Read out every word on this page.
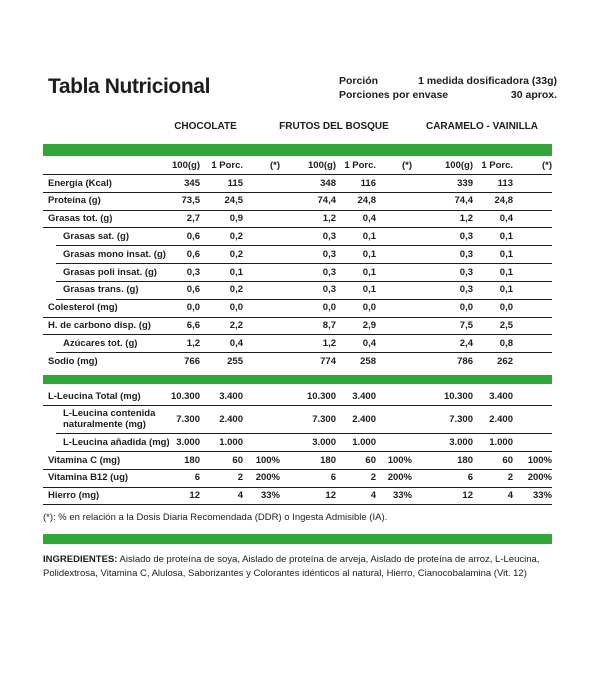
Tabla Nutricional	Porción	1 medida dosificadora (33g)
Porciones por envase	30 aprox.
CHOCOLATE	FRUTOS DEL BOSQUE	CARAMELO - VAINILLA
100(g)	1 Porc.	(*)	100(g) 1 Porc.	(*)	100(g) 1 Porc.	(*)
Energía (Kcal)	345	115	348	116	339	113
Proteína (g)	73,5	24,5	74,4	24,8	74,4	24,8
Grasas tot. (g)	2,7	0,9	1,2	0,4	1,2	0,4
Grasas sat. (g)	0,6	0,2	0,3	0,1	0,3	0,1
Grasas mono insat. (g)	0,6	0,2	0,3	0,1	0,3	0,1
Grasas poli insat. (g)	0,3	0,1	0,3	0,1	0,3	0,1
Grasas trans. (g)	0,6	0,2	0,3	0,1	0,3	0,1
Colesterol (mg)	0,0	0,0	0,0	0,0	0,0	0,0
H. de carbono disp. (g)	6,6	2,2	8,7	2,9	7,5	2,5
Azúcares tot. (g)	1,2	0,4	1,2	0,4	2,4	0,8
Sodio (mg)	766	255	774	258	786	262
L-Leucina Total (mg)	10.300	3.400	10.300	3.400	10.300	3.400
L-Leucina contenida naturalmente (mg)	7.300	2.400	7.300	2.400	7.300	2.400
L-Leucina añadida (mg) 3.000	1.000	3.000	1.000	3.000	1.000
Vitamina C (mg)	180	60	100%	180	60	100%	180	60	100%
Vitamina B12 (ug)	6	2	200%	6	2	200%	6	2	200%
Hierro (mg)	12	4	33%	12	4	33%	12	4	33%

(*): % en relación a la Dosis Diaria Recomendada (DDR) o Ingesta Admisible (IA).

INGREDIENTES: Aislado de proteína de soya, Aislado de proteína de arveja, Aislado de proteína de arroz, L-Leucina, Polidextrosa, Vitamina C, Alulosa, Saborizantes y Colorantes idénticos al natural, Hierro, Cianocobalamina (Vit. 12)
